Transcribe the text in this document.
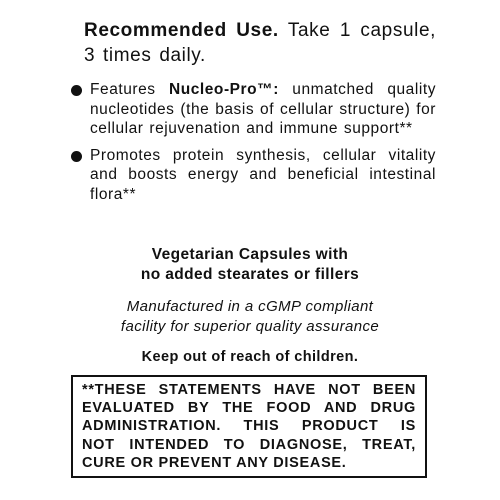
Recommended Use. Take 1 capsule, 3 times daily.
Features Nucleo-Pro™: unmatched quality nucleotides (the basis of cellular structure) for cellular rejuvenation and immune support**
Promotes protein synthesis, cellular vitality and boosts energy and beneficial intestinal flora**
Vegetarian Capsules with
no added stearates or fillers
Manufactured in a cGMP compliant
facility for superior quality assurance
Keep out of reach of children.
**THESE STATEMENTS HAVE NOT BEEN
EVALUATED BY THE FOOD AND DRUG
ADMINISTRATION. THIS PRODUCT IS
NOT INTENDED TO DIAGNOSE, TREAT,
CURE OR PREVENT ANY DISEASE.
